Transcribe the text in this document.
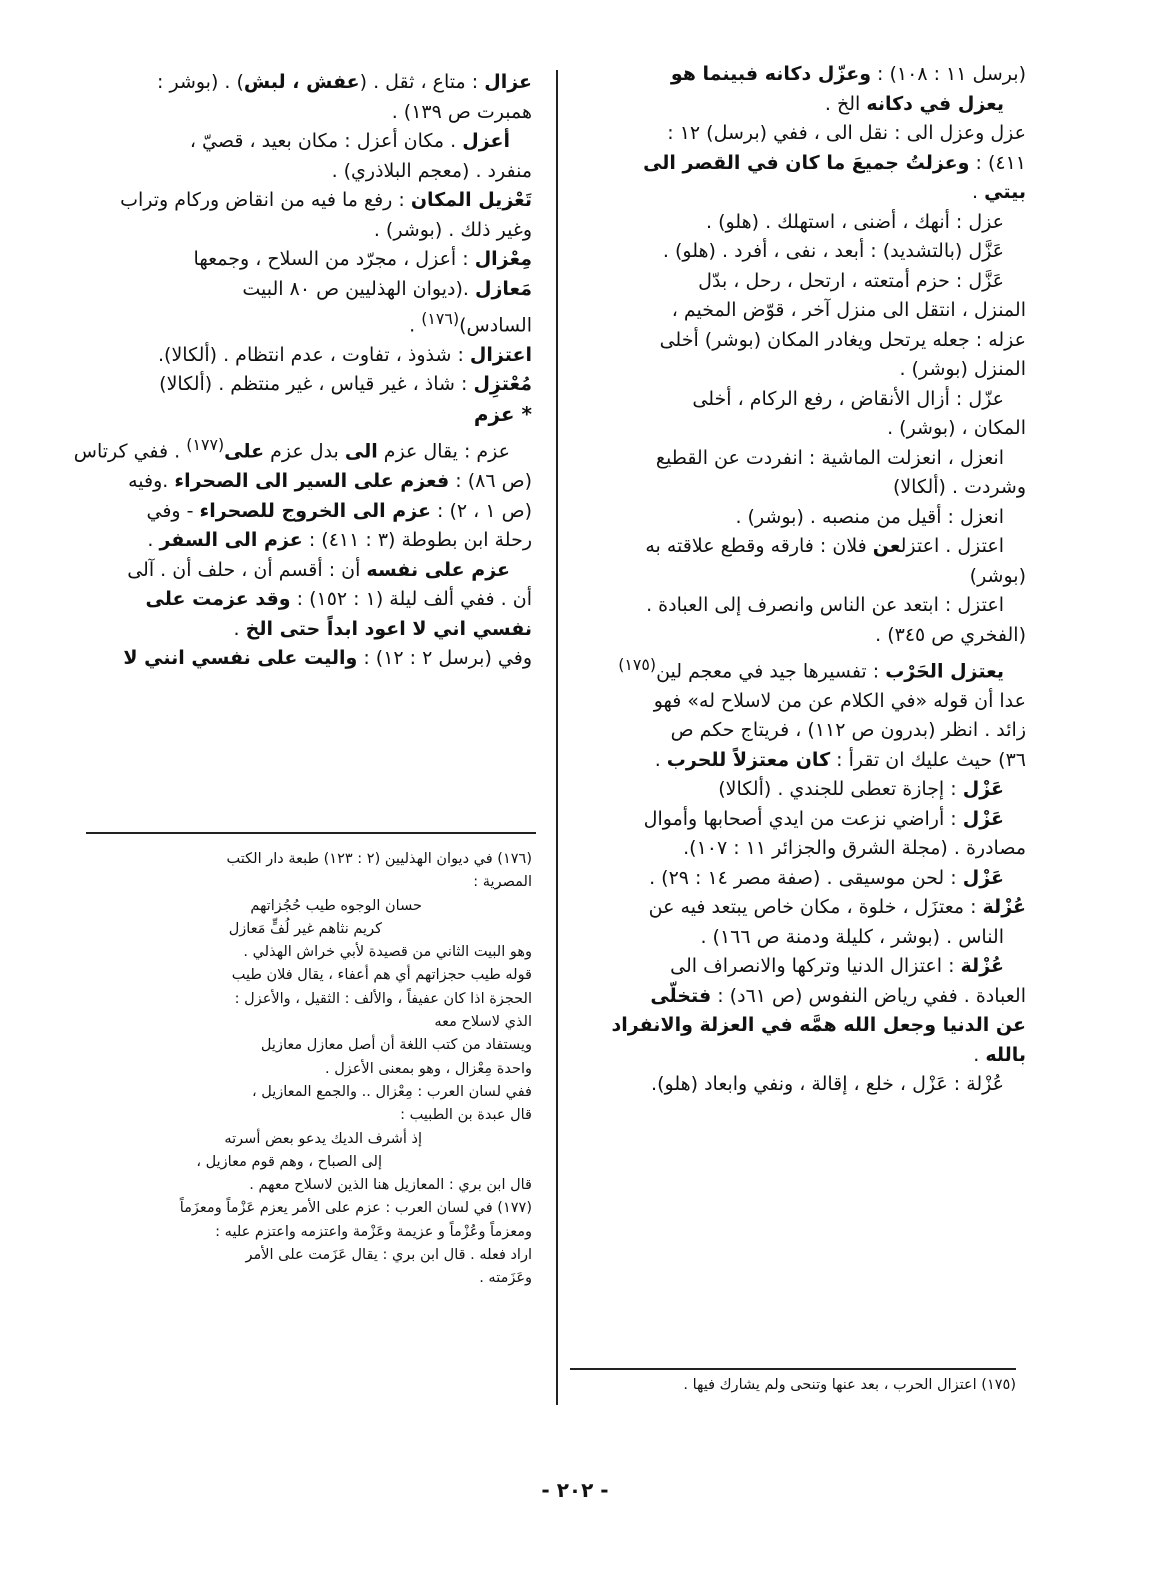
(برسل ١١ : ١٠٨) : وعزّل دكانه فبينما هو

يعزل في دكانه الخ .

عزل وعزل الى : نقل الى ، ففي (برسل) ١٢ :

٤١١) : وعزلتُ جميعَ ما كان في القصر الى

بيتي .

عزل : أنهك ، أضنى ، استهلك . (هلو) .

عَزَّل (بالتشديد) : أبعد ، نفى ، أفرد . (هلو) .

عَزَّل : حزم أمتعته ، ارتحل ، رحل ، بدّل

المنزل ، انتقل الى منزل آخر ، قوّض المخيم ،

عزله : جعله يرتحل ويغادر المكان (بوشر) أخلى

المنزل (بوشر) .

عزّل : أزال الأنقاض ، رفع الركام ، أخلى

المكان ، (بوشر) .

انعزل ، انعزلت الماشية : انفردت عن القطيع

وشردت . (ألكالا)

انعزل : أقيل من منصبه . (بوشر) .

اعتزل . اعتزلعن فلان : فارقه وقطع علاقته به

(بوشر)

اعتزل : ابتعد عن الناس وانصرف إلى العبادة .

(الفخري ص ٣٤٥) .

يعتزل الحَرْب : تفسيرها جيد في معجم لين$^{(١٧٥)}$

عدا أن قوله «في الكلام عن من لاسلاح له» فهو

زائد . انظر (بدرون ص ١١٢) ، فريتاج حكم ص

٣٦) حيث عليك ان تقرأ : كان معتزلاً للحرب .

عَزْل : إجازة تعطى للجندي . (ألكالا)

عَزْل : أراضي نزعت من ايدي أصحابها وأموال

مصادرة . (مجلة الشرق والجزائر ١١ : ١٠٧).

عَزْل : لحن موسيقى . (صفة مصر ١٤ : ٢٩) .

عُزْلة : معتزَل ، خلوة ، مكان خاص يبتعد فيه عن

الناس . (بوشر ، كليلة ودمنة ص ١٦٦) .

عُزْلة : اعتزال الدنيا وتركها والانصراف الى

العبادة . ففي رياض النفوس (ص ٦١د) : فتخلّى

عن الدنيا وجعل الله همَّه في العزلة والانفراد

بالله .

عُزْلة : عَزْل ، خلع ، إقالة ، ونفي وابعاد (هلو).

عزال : متاع ، ثقل . (عفش ، لبش) . (بوشر :

همبرت ص ١٣٩) .

أعزل . مكان أعزل : مكان بعيد ، قصيّ ،

منفرد . (معجم البلاذري) .

تَعْزيل المكان : رفع ما فيه من انقاض وركام وتراب

وغير ذلك . (بوشر) .

مِعْزال : أعزل ، مجرّد من السلاح ، وجمعها

مَعازل .(ديوان الهذليين ص ٨٠ البيت

السادس)$^{(١٧٦)}$ .

اعتزال : شذوذ ، تفاوت ، عدم انتظام . (ألكالا).

مُعْتزِل : شاذ ، غير قياس ، غير منتظم . (ألكالا)

* عزم

عزم : يقال عزم الى بدل عزم على$^{(١٧٧)}$ . ففي كرتاس

(ص ٨٦) : فعزم على السير الى الصحراء .وفيه

(ص ١ ، ٢) : عزم الى الخروج للصحراء - وفي

رحلة ابن بطوطة (٣ : ٤١١) : عزم الى السفر .

عزم على نفسه أن : أقسم أن ، حلف أن . آلى

أن . ففي ألف ليلة (١ : ١٥٢) : وقد عزمت على

نفسي اني لا اعود ابداً حتى الخ .

وفي (برسل ٢ : ١٢) : واليت على نفسي انني لا

(١٧٦) في ديوان الهذليين (٢ : ١٢٣) طبعة دار الكتب

المصرية :

حسان الوجوه طيب حُجُزاتهم

كريم نثاهم غير لُفٍّ مَعازل

وهو البيت الثاني من قصيدة لأبي خراش الهذلي .

قوله طيب حجزاتهم أي هم أعفاء ، يقال فلان طيب

الحجزة اذا كان عفيفاً ، والألف : الثقيل ، والأعزل :

الذي لاسلاح معه

ويستفاد من كتب اللغة أن أصل معازل معازيل

واحدة مِعْزال ، وهو بمعنى الأعزل .

ففي لسان العرب : مِعْزال .. والجمع المعازيل ،

قال عبدة بن الطبيب :

إذ أشرف الديك يدعو بعض أسرته

إلى الصباح ، وهم قوم معازيل ،

قال ابن بري : المعازيل هنا الذين لاسلاح معهم .

(١٧٧) في لسان العرب : عزم على الأمر يعزم عَزْماً ومعزَماً

ومعزماً وعُزْماً و عزيمة وعَزْمة واعتزمه واعتزم عليه :

اراد فعله . قال ابن بري : يقال عَزَمت على الأمر

وعَزَمته .

(١٧٥) اعتزال الحرب ، بعد عنها وتنحى ولم يشارك فيها .

- ٢٠٢ -
